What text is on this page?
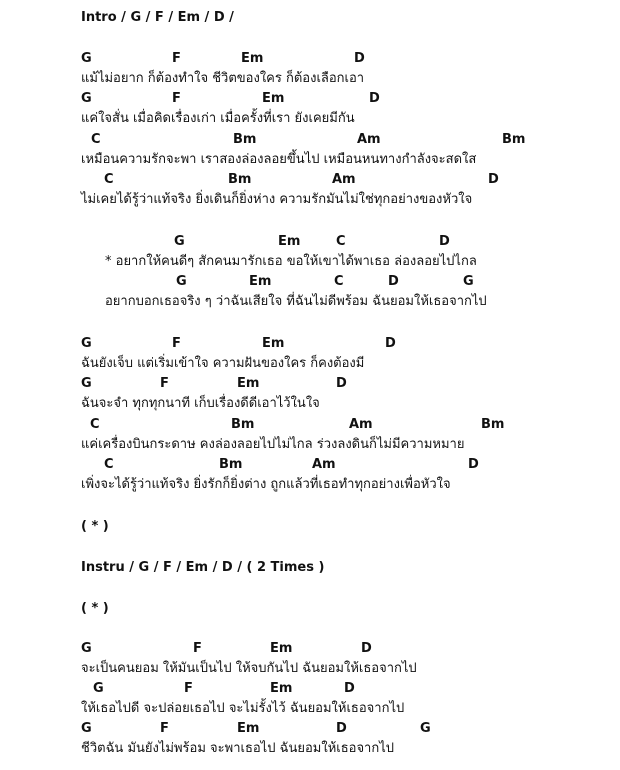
Intro / G / F / Em / D /
G	F	Em	D
แม้ไม่อยาก ก็ต้องทำใจ ชีวิตของใคร ก็ต้องเลือกเอา
G	F	Em	D
แค่ใจสั่น เมื่อคิดเรื่องเก่า เมื่อครั้งที่เรา ยังเคยมีกัน
C	Bm	Am	Bm
เหมือนความรักจะพา เราสองล่องลอยขึ้นไป เหมือนหนทางกำลังจะสดใส
C	Bm	Am	D
ไม่เคยได้รู้ว่าแท้จริง ยิ่งเดินก็ยิ่งห่าง ความรักมันไม่ใช่ทุกอย่างของหัวใจ
G	Em	C	D
* อยากให้คนดีๆ สักคนมารักเธอ ขอให้เขาได้พาเธอ ล่องลอยไปไกล
G	Em	C	D	G
อยากบอกเธอจริง ๆ ว่าฉันเสียใจ ที่ฉันไม่ดีพร้อม ฉันยอมให้เธอจากไป
G	F	Em	D
ฉันยังเจ็บ แต่เริ่มเข้าใจ ความฝันของใคร ก็คงต้องมี
G	F	Em	D
ฉันจะจำ ทุกทุกนาที เก็บเรื่องดีดีเอาไว้ในใจ
C	Bm	Am	Bm
แค่เครื่องบินกระดาษ คงล่องลอยไปไม่ไกล ร่วงลงดินก็ไม่มีความหมาย
C	Bm	Am	D
เพิ่งจะได้รู้ว่าแท้จริง ยิ่งรักก็ยิ่งต่าง ถูกแล้วที่เธอทำทุกอย่างเพื่อหัวใจ
( * )
Instru / G / F / Em / D / ( 2 Times )
( * )
G	F	Em	D
จะเป็นคนยอม ให้มันเป็นไป ให้จบกันไป ฉันยอมให้เธอจากไป
G	F	Em	D
ให้เธอไปดี จะปล่อยเธอไป จะไม่รั้งไว้ ฉันยอมให้เธอจากไป
G	F	Em	D	G
ชีวิตฉัน มันยังไม่พร้อม จะพาเธอไป ฉันยอมให้เธอจากไป
